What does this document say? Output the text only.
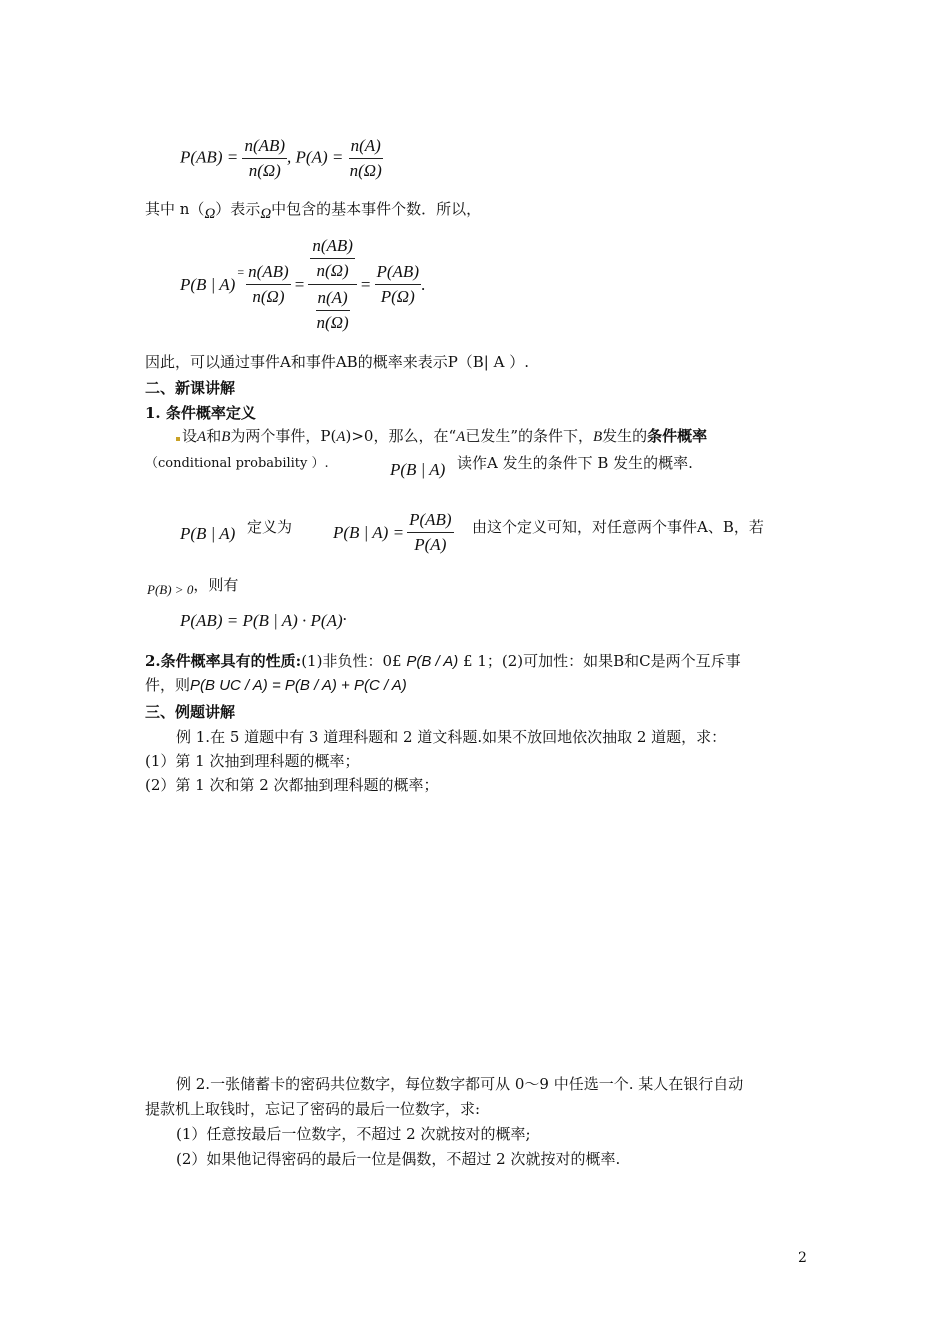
$P(AB) = \frac{n(AB)}{n(\Omega)}$ , $P(A) = \frac{n(A)}{n(\Omega)}$
其中 n（Ω）表示Ω中包含的基本事件个数．所以，
P(B | A)
= $\frac{n(AB)}{n(\Omega)} = \frac{\frac{n(AB)}{n(\Omega)}}{\frac{n(A)}{n(\Omega)}} = \frac{P(AB)}{P(\Omega)}$ .
因此，可以通过事件A和事件AB的概率来表示P（B| A ）.
二、新课讲解
1. 条件概率定义
设A和B为两个事件，P(A)>0，那么，在“A已发生”的条件下，B发生的条件概率
（conditional probability ）.	P(B | A) 读作A 发生的条件下 B 发生的概率.
P(B | A) 定义为 P(B | $A) = \frac{P(AB)}{P(A)}$ 由这个定义可知，对任意两个事件A、B，若
$_{P(B) > 0}$，则有
P(AB) = P(B | A) · P(A).
2.条件概率具有的性质:(1)非负性：0£ P(B / A) £ 1；(2)可加性：如果B和C是两个互斥事
件，则P(B UC / A) = P(B / A) + P(C / A)
三、例题讲解
例 1.在 5 道题中有 3 道理科题和 2 道文科题.如果不放回地依次抽取 2 道题，求：
(1）第 1 次抽到理科题的概率；
(2）第 1 次和第 2 次都抽到理科题的概率；
例 2.一张储蓄卡的密码共位数字，每位数字都可从 0～9 中任选一个. 某人在银行自动
提款机上取钱时，忘记了密码的最后一位数字，求:
(1）任意按最后一位数字，不超过 2 次就按对的概率;
(2）如果他记得密码的最后一位是偶数，不超过 2 次就按对的概率.
2
